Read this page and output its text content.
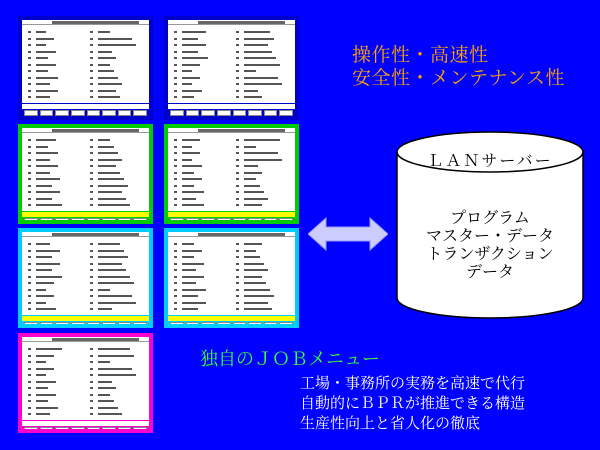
操作性・高速性
安全性・メンテナンス性
ＬＡＮサーバー
プログラム
マスター・データ
トランザクション
データ
独自のＪＯＢメニュー
工場・事務所の実務を高速で代行
自動的にＢＰＲが推進できる構造
生産性向上と省人化の徹底
